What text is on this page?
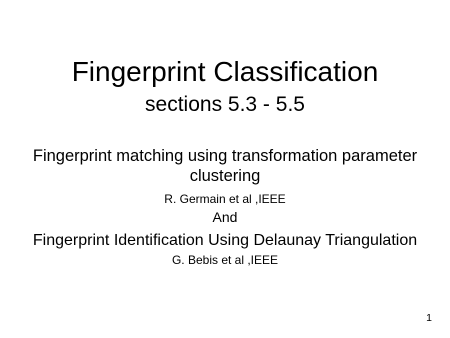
Fingerprint Classification
sections 5.3 - 5.5
Fingerprint matching using transformation parameter clustering
R. Germain et al ,IEEE
And
Fingerprint Identification Using Delaunay Triangulation
G. Bebis et al ,IEEE
1
